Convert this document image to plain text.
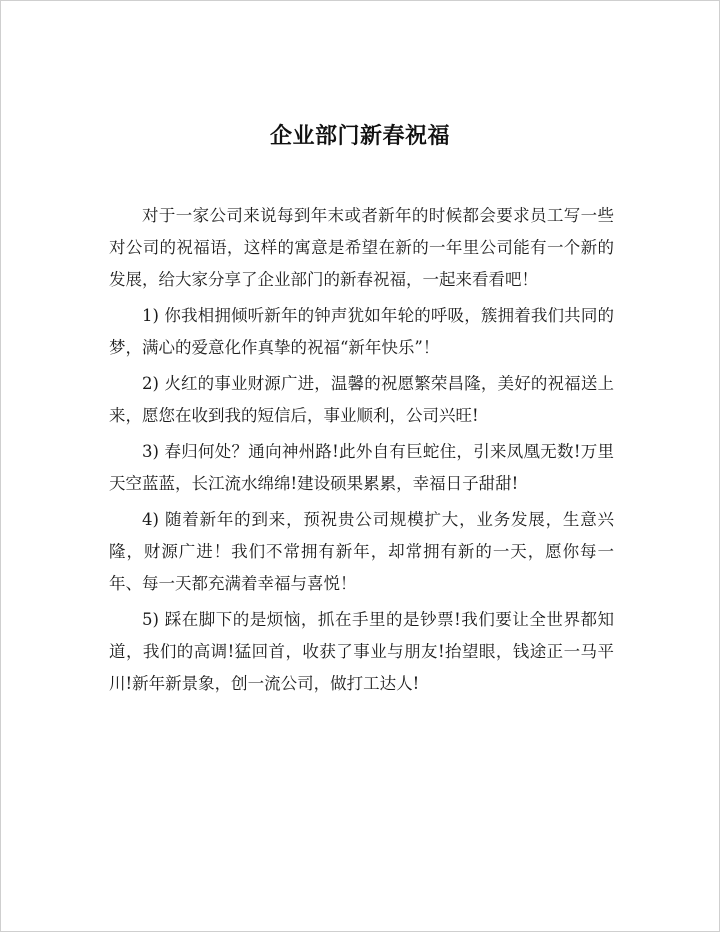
企业部门新春祝福

对于一家公司来说每到年末或者新年的时候都会要求员工写一些对公司的祝福语，这样的寓意是希望在新的一年里公司能有一个新的发展，给大家分享了企业部门的新春祝福，一起来看看吧！

1) 你我相拥倾听新年的钟声犹如年轮的呼吸，簇拥着我们共同的梦，满心的爱意化作真挚的祝福“新年快乐”！

2) 火红的事业财源广进，温馨的祝愿繁荣昌隆，美好的祝福送上来，愿您在收到我的短信后，事业顺利，公司兴旺!

3) 春归何处？通向神州路!此外自有巨蛇住，引来凤凰无数!万里天空蓝蓝，长江流水绵绵!建设硕果累累，幸福日子甜甜!

4) 随着新年的到来，预祝贵公司规模扩大，业务发展，生意兴隆，财源广进！我们不常拥有新年，却常拥有新的一天，愿你每一年、每一天都充满着幸福与喜悦！

5) 踩在脚下的是烦恼，抓在手里的是钞票!我们要让全世界都知道，我们的高调!猛回首，收获了事业与朋友!抬望眼，钱途正一马平川!新年新景象，创一流公司，做打工达人!
